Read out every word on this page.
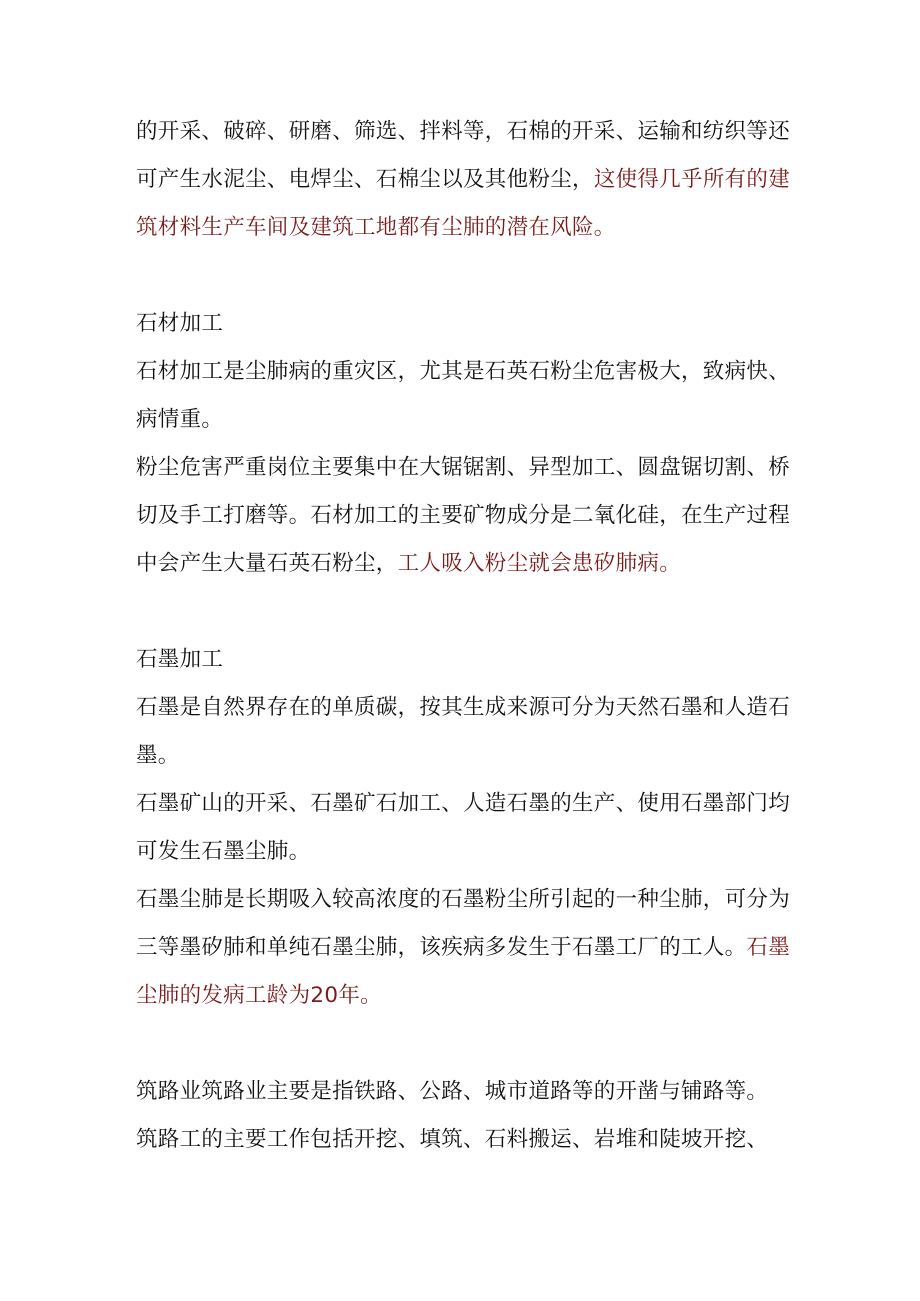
的开采、破碎、研磨、筛选、拌料等，石棉的开采、运输和纺织等还可产生水泥尘、电焊尘、石棉尘以及其他粉尘，这使得几乎所有的建筑材料生产车间及建筑工地都有尘肺的潜在风险。

石材加工

石材加工是尘肺病的重灾区，尤其是石英石粉尘危害极大，致病快、病情重。

粉尘危害严重岗位主要集中在大锯锯割、异型加工、圆盘锯切割、桥切及手工打磨等。石材加工的主要矿物成分是二氧化硅，在生产过程中会产生大量石英石粉尘，工人吸入粉尘就会患矽肺病。

石墨加工

石墨是自然界存在的单质碳，按其生成来源可分为天然石墨和人造石墨。

石墨矿山的开采、石墨矿石加工、人造石墨的生产、使用石墨部门均可发生石墨尘肺。

石墨尘肺是长期吸入较高浓度的石墨粉尘所引起的一种尘肺，可分为三等墨矽肺和单纯石墨尘肺，该疾病多发生于石墨工厂的工人。石墨尘肺的发病工龄为20年。

筑路业筑路业主要是指铁路、公路、城市道路等的开凿与铺路等。

筑路工的主要工作包括开挖、填筑、石料搬运、岩堆和陡坡开挖、
